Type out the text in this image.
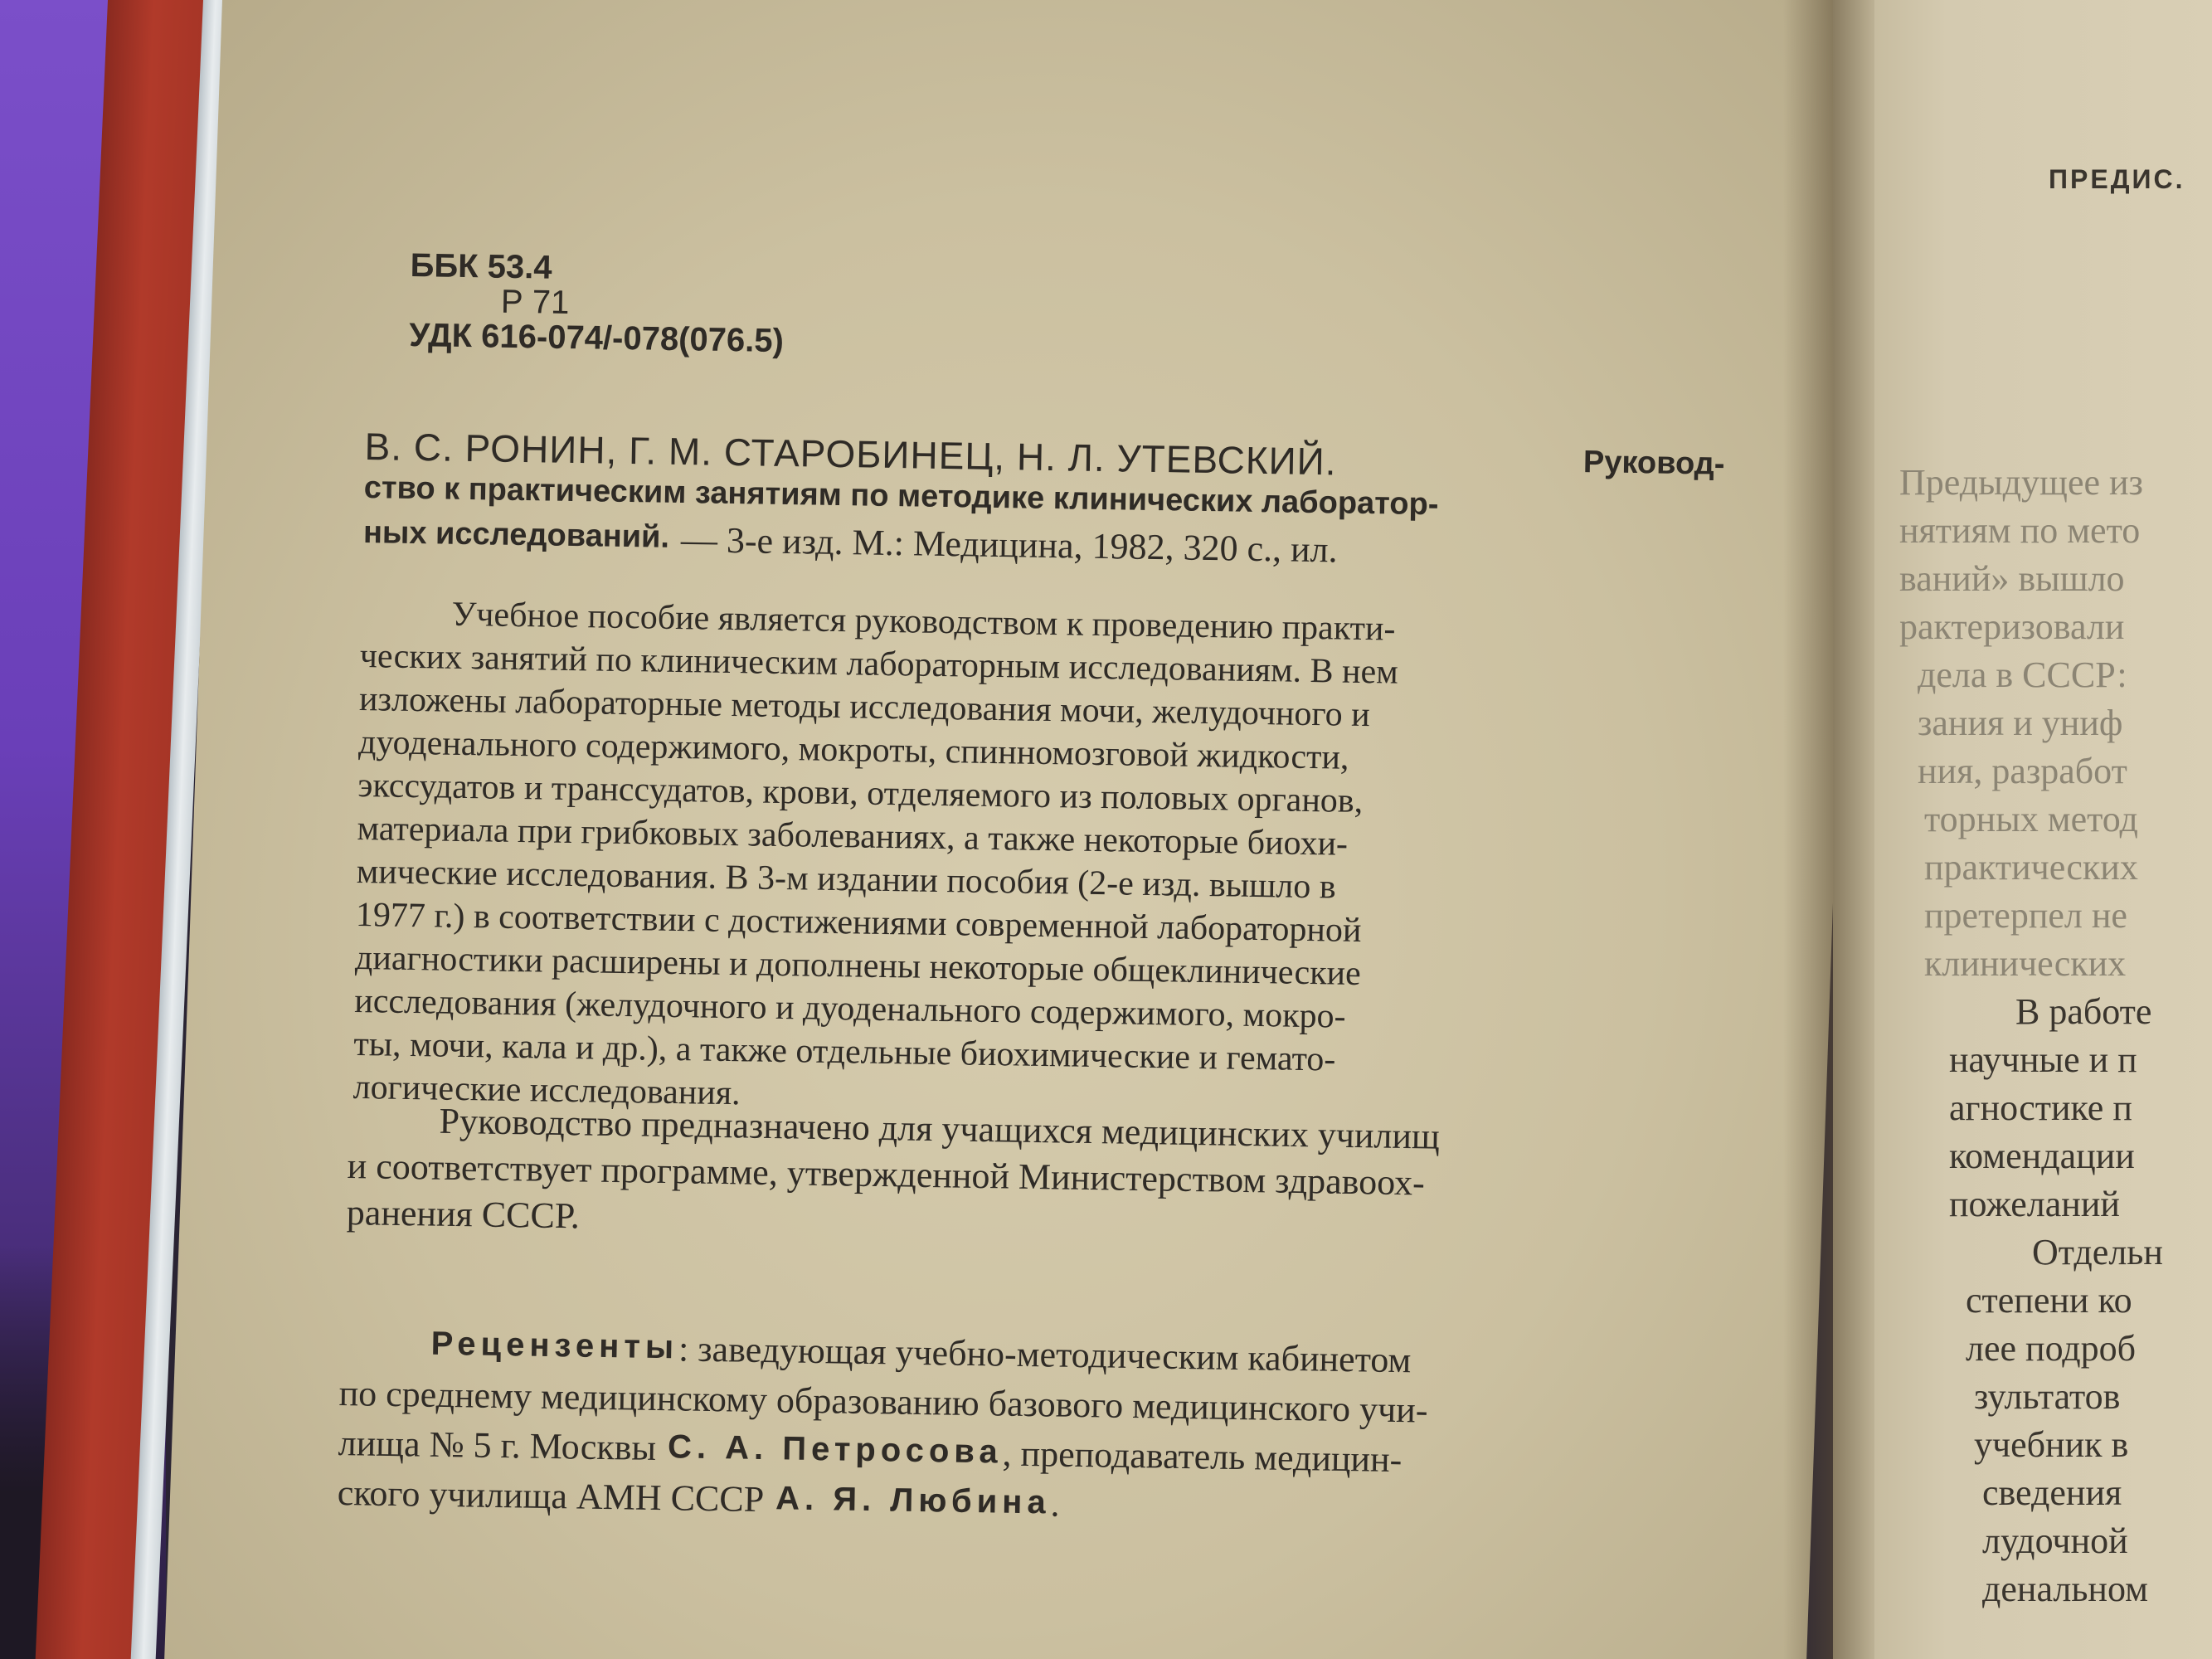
ББК 53.4
Р 71
УДК 616-074/-078(076.5)
В. С. РОНИН, Г. М. СТАРОБИНЕЦ, Н. Л. УТЕВСКИЙ.	Руковод-
ство к практическим занятиям по методике клинических лаборатор-
ных исследований. — 3-е изд. М.: Медицина, 1982, 320 с., ил.
Учебное пособие является руководством к проведению практи-
ческих занятий по клиническим лабораторным исследованиям. В нем
изложены лабораторные методы исследования мочи, желудочного и
дуоденального содержимого, мокроты, спинномозговой жидкости,
экссудатов и транссудатов, крови, отделяемого из половых органов,
материала при грибковых заболеваниях, а также некоторые биохи-
мические исследования. В 3-м издании пособия (2-е изд. вышло в
1977 г.) в соответствии с достижениями современной лабораторной
диагностики расширены и дополнены некоторые общеклинические
исследования (желудочного и дуоденального содержимого, мокро-
ты, мочи, кала и др.), а также отдельные биохимические и гемато-
логические исследования.
Руководство предназначено для учащихся медицинских училищ
и соответствует программе, утвержденной Министерством здравоох-
ранения СССР.
Рецензенты : заведующая учебно-методическим кабинетом
по среднему медицинскому образованию базового медицинского учи-
лища № 5 г. Москвы С. А. Петросова , преподаватель медицин-
ского училища АМН СССР А. Я. Любина .
ПРЕДИС.
Предыдущее из
нятиям по мето
ваний» вышло
рактеризовали
дела в СССР:
зания и униф
ния, разработ
торных метод
практических
претерпел не
клинических
В работе
научные и п
агностике п
комендации
пожеланий
Отдельн
степени ко
лее подроб
зультатов
учебник в
сведения
лудочной
денальном
